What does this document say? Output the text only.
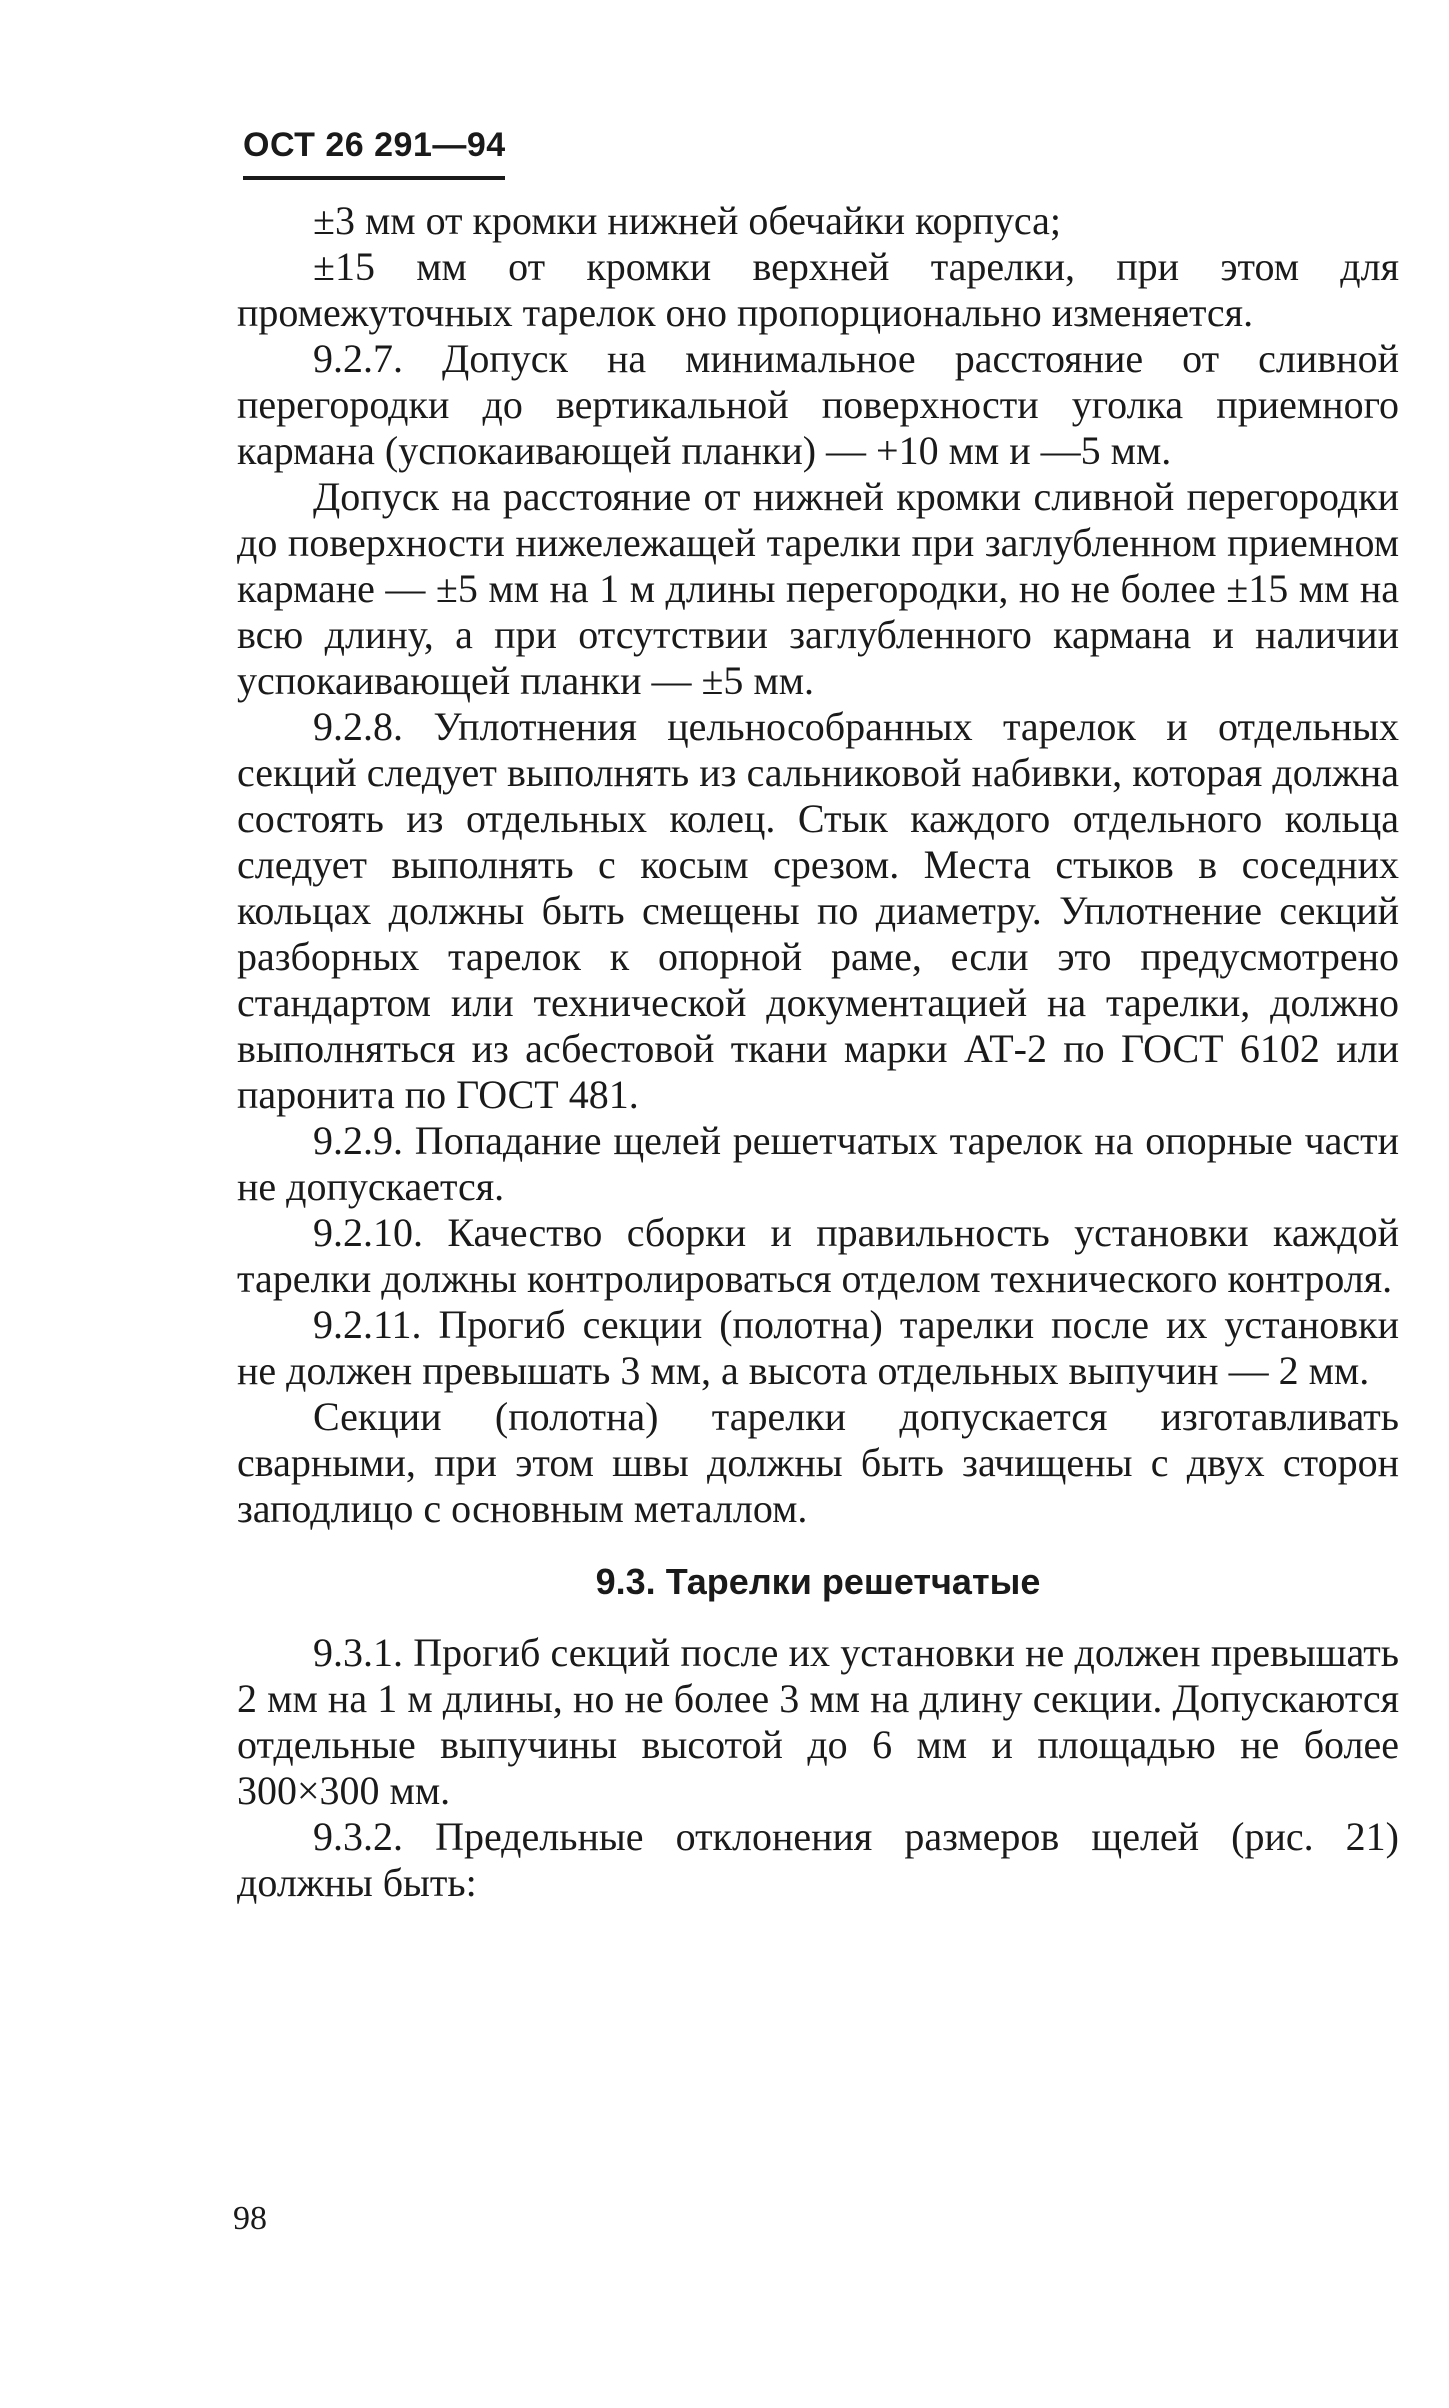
ОСТ 26 291—94

±3 мм от кромки нижней обечайки корпуса;

±15 мм от кромки верхней тарелки, при этом для промежуточных тарелок оно пропорционально изменяется.

9.2.7. Допуск на минимальное расстояние от сливной перегородки до вертикальной поверхности уголка приемного кармана (успокаивающей планки) — +10 мм и —5 мм.

Допуск на расстояние от нижней кромки сливной перегородки до поверхности нижележащей тарелки при заглубленном приемном кармане — ±5 мм на 1 м длины перегородки, но не более ±15 мм на всю длину, а при отсутствии заглубленного кармана и наличии успокаивающей планки — ±5 мм.

9.2.8. Уплотнения цельнособранных тарелок и отдельных секций следует выполнять из сальниковой набивки, которая должна состоять из отдельных колец. Стык каждого отдельного кольца следует выполнять с косым срезом. Места стыков в соседних кольцах должны быть смещены по диаметру. Уплотнение секций разборных тарелок к опорной раме, если это предусмотрено стандартом или технической документацией на тарелки, должно выполняться из асбестовой ткани марки АТ-2 по ГОСТ 6102 или паронита по ГОСТ 481.

9.2.9. Попадание щелей решетчатых тарелок на опорные части не допускается.

9.2.10. Качество сборки и правильность установки каждой тарелки должны контролироваться отделом технического контроля.

9.2.11. Прогиб секции (полотна) тарелки после их установки не должен превышать 3 мм, а высота отдельных выпучин — 2 мм.

Секции (полотна) тарелки допускается изготавливать сварными, при этом швы должны быть зачищены с двух сторон заподлицо с основным металлом.

9.3. Тарелки решетчатые

9.3.1. Прогиб секций после их установки не должен превышать 2 мм на 1 м длины, но не более 3 мм на длину секции. Допускаются отдельные выпучины высотой до 6 мм и площадью не более 300×300 мм.

9.3.2. Предельные отклонения размеров щелей (рис. 21) должны быть:

98
